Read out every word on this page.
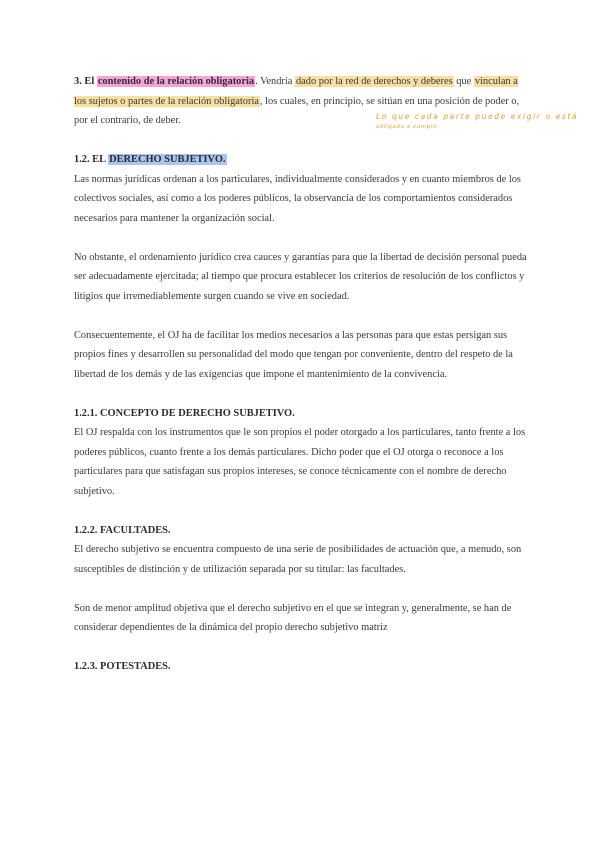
3. El contenido de la relación obligatoria. Vendría dado por la red de derechos y deberes que vinculan a los sujetos o partes de la relación obligatoria, los cuales, en principio, se sitúan en una posición de poder o, por el contrario, de deber.

1.2. EL DERECHO SUBJETIVO.

Las normas jurídicas ordenan a los particulares, individualmente considerados y en cuanto miembros de los colectivos sociales, así como a los poderes públicos, la observancia de los comportamientos considerados necesarios para mantener la organización social.

No obstante, el ordenamiento jurídico crea cauces y garantías para que la libertad de decisión personal pueda ser adecuadamente ejercitada; al tiempo que procura establecer los criterios de resolución de los conflictos y litigios que irremediablemente surgen cuando se vive en sociedad.

Consecuentemente, el OJ ha de facilitar los medios necesarios a las personas para que estas persigan sus propios fines y desarrollen su personalidad del modo que tengan por conveniente, dentro del respeto de la libertad de los demás y de las exigencias que impone el mantenimiento de la convivencia.

1.2.1. CONCEPTO DE DERECHO SUBJETIVO.

El OJ respalda con los instrumentos que le son propios el poder otorgado a los particulares, tanto frente a los poderes públicos, cuanto frente a los demás particulares. Dicho poder que el OJ otorga o reconoce a los particulares para que satisfagan sus propios intereses, se conoce técnicamente con el nombre de derecho subjetivo.

1.2.2. FACULTADES.

El derecho subjetivo se encuentra compuesto de una serie de posibilidades de actuación que, a menudo, son susceptibles de distinción y de utilización separada por su titular: las facultades.

Son de menor amplitud objetiva que el derecho subjetivo en el que se integran y, generalmente, se han de considerar dependientes de la dinámica del propio derecho subjetivo matriz

1.2.3. POTESTADES.

Lo que cada parte puede exigir o está
obligada a cumplir.
